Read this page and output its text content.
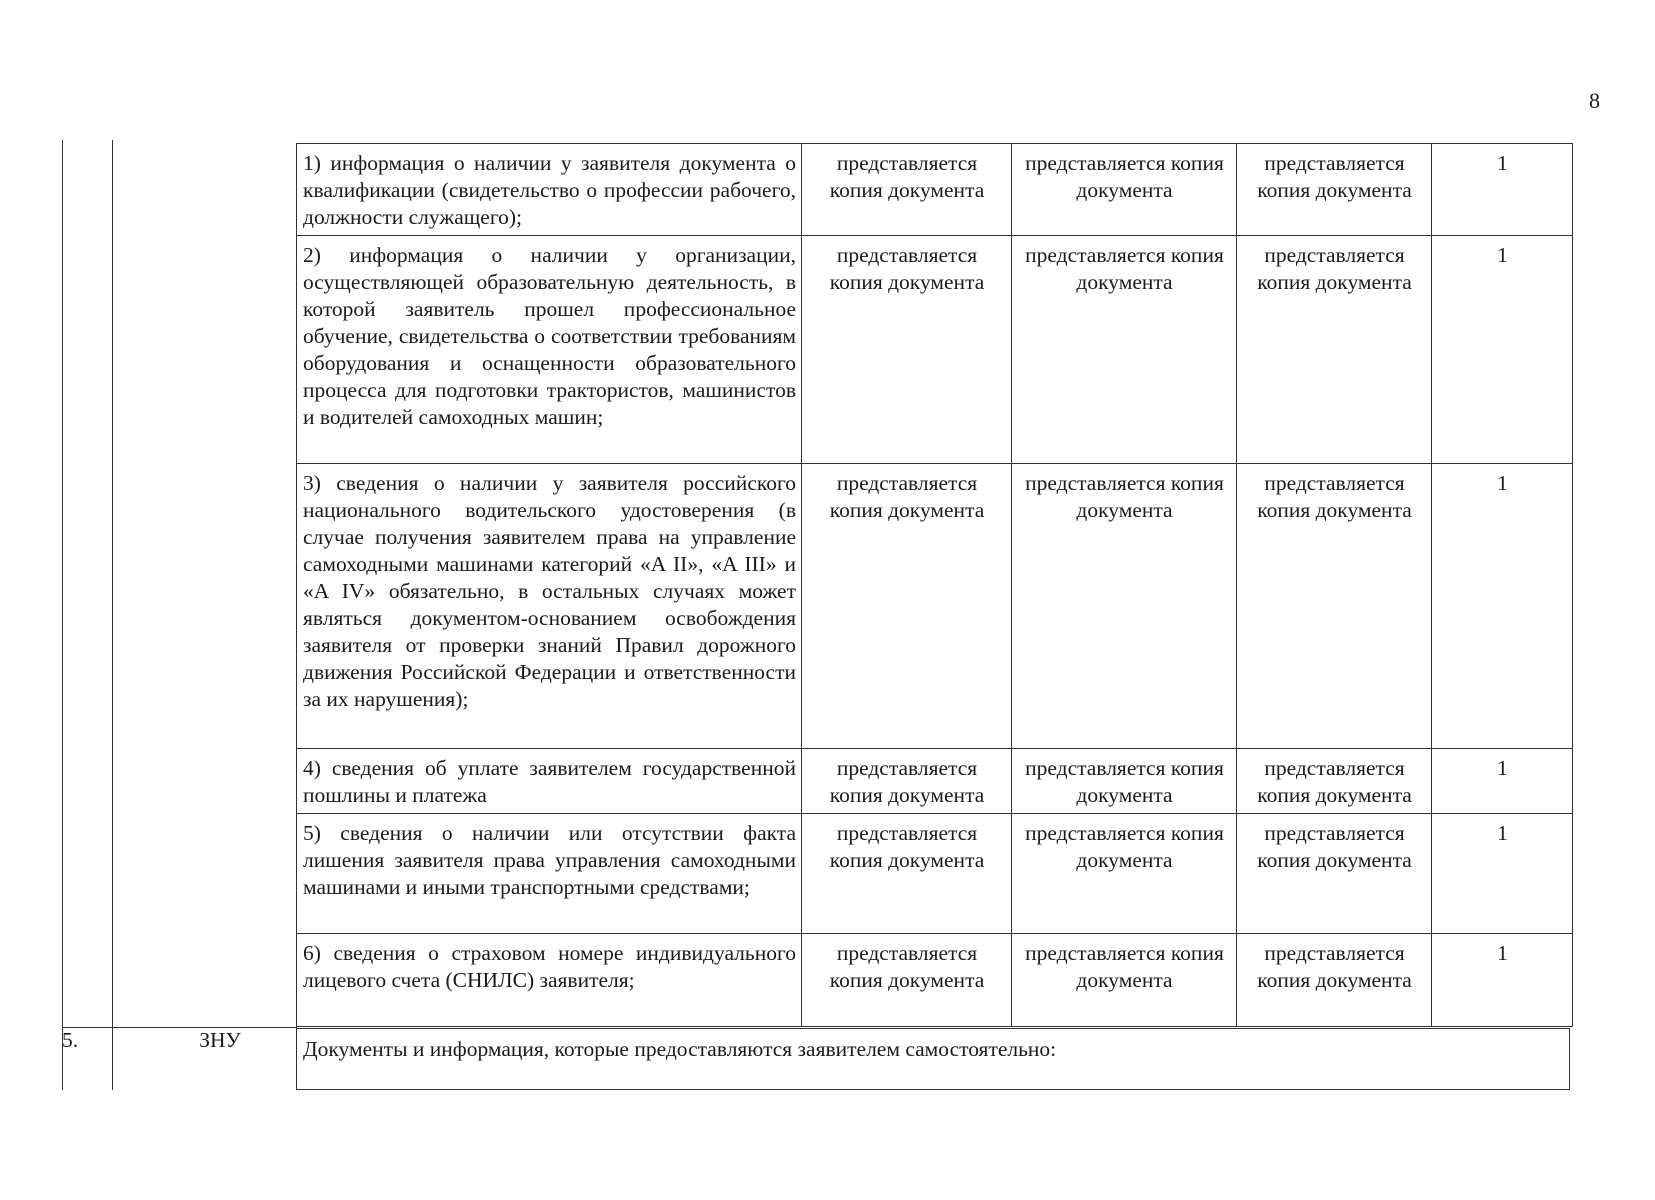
8
1) информация о наличии у заявителя документа о квалификации (свидетельство о профессии рабочего, должности служащего);	представляется копия документа	представляется копия документа	представляется копия документа	1
2) информация о наличии у организации, осуществляющей образовательную деятельность, в которой заявитель прошел профессиональное обучение, свидетельства о соответствии требованиям оборудования и оснащенности образовательного процесса для подготовки трактористов, машинистов и водителей самоходных машин;	представляется копия документа	представляется копия документа	представляется копия документа	1
3) сведения о наличии у заявителя российского национального водительского удостоверения (в случае получения заявителем права на управление самоходными машинами категорий «A II», «A III» и «A IV» обязательно, в остальных случаях может являться документом-основанием освобождения заявителя от проверки знаний Правил дорожного движения Российской Федерации и ответственности за их нарушения);	представляется копия документа	представляется копия документа	представляется копия документа	1
4) сведения об уплате заявителем государственной пошлины и платежа	представляется копия документа	представляется копия документа	представляется копия документа	1
5) сведения о наличии или отсутствии факта лишения заявителя права управления самоходными машинами и иными транспортными средствами;	представляется копия документа	представляется копия документа	представляется копия документа	1
6) сведения о страховом номере индивидуального лицевого счета (СНИЛС) заявителя;	представляется копия документа	представляется копия документа	представляется копия документа	1
5.	ЗНУ	Документы и информация, которые предоставляются заявителем самостоятельно:
